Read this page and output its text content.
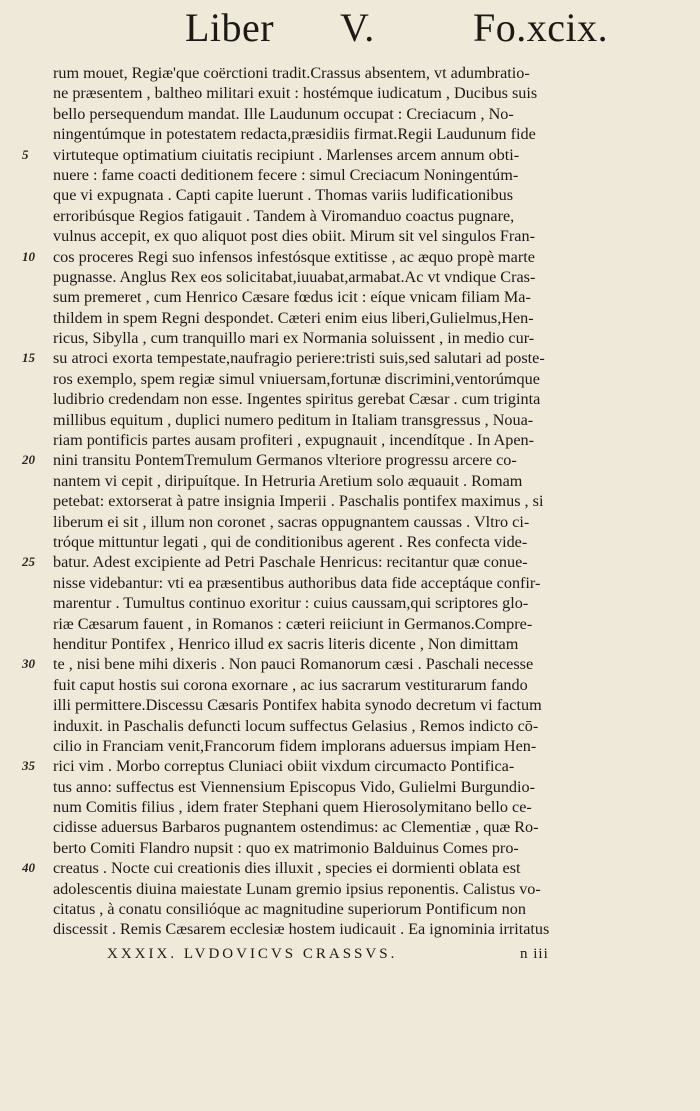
Liber V. Fo.xcix.
rum mouet, Regiæ'que coërctioni tradit.Crassus absentem, vt adumbratio-
ne præsentem , baltheo militari exuit : hostémque iudicatum , Ducibus suis
bello persequendum mandat. Ille Laudunum occupat : Creciacum , No-
ningentúmque in potestatem redacta,præsidiis firmat.Regii Laudunum fide
5	virtuteque optimatium ciuitatis recipiunt . Marlenses arcem annum obti-
nuere : fame coacti deditionem fecere : simul Creciacum Noningentúm-
que vi expugnata . Capti capite luerunt . Thomas variis ludificationibus
erroribúsque Regios fatigauit . Tandem à Viromanduo coactus pugnare,
vulnus accepit, ex quo aliquot post dies obiit. Mirum sit vel singulos Fran-
10	cos proceres Regi suo infensos infestósque extitisse , ac æquo propè marte
pugnasse. Anglus Rex eos solicitabat,iuuabat,armabat.Ac vt vndique Cras-
sum premeret , cum Henrico Cæsare fœdus icit : eíque vnicam filiam Ma-
thildem in spem Regni despondet. Cæteri enim eius liberi,Gulielmus,Hen-
ricus, Sibylla , cum tranquillo mari ex Normania soluissent , in medio cur-
15	su atroci exorta tempestate,naufragio periere:tristi suis,sed salutari ad poste-
ros exemplo, spem regiæ simul vniuersam,fortunæ discrimini,ventorúmque
ludibrio credendam non esse. Ingentes spiritus gerebat Cæsar . cum triginta
millibus equitum , duplici numero peditum in Italiam transgressus , Noua-
riam pontificis partes ausam profiteri , expugnauit , incendítque . In Apen-
20	nini transitu PontemTremulum Germanos vlteriore progressu arcere co-
nantem vi cepit , diripuítque. In Hetruria Aretium solo æquauit . Romam
petebat: extorserat à patre insignia Imperii . Paschalis pontifex maximus , si
liberum ei sit , illum non coronet , sacras oppugnantem caussas . Vltro ci-
tróque mittuntur legati , qui de conditionibus agerent . Res confecta vide-
25	batur. Adest excipiente ad Petri Paschale Henricus: recitantur quæ conue-
nisse videbantur: vti ea præsentibus authoribus data fide acceptáque confir-
marentur . Tumultus continuo exoritur : cuius caussam,qui scriptores glo-
riæ Cæsarum fauent , in Romanos : cæteri reiiciunt in Germanos.Compre-
henditur Pontifex , Henrico illud ex sacris literis dicente , Non dimittam
30	te , nisi bene mihi dixeris . Non pauci Romanorum cæsi . Paschali necesse
fuit caput hostis sui corona exornare , ac ius sacrarum vestiturarum fando
illi permittere.Discessu Cæsaris Pontifex habita synodo decretum vi factum
induxit. in Paschalis defuncti locum suffectus Gelasius , Remos indicto cō-
cilio in Franciam venit,Francorum fidem implorans aduersus impiam Hen-
35	rici vim . Morbo correptus Cluniaci obiit vixdum circumacto Pontifica-
tus anno: suffectus est Viennensium Episcopus Vido, Gulielmi Burgundio-
num Comitis filius , idem frater Stephani quem Hierosolymitano bello ce-
cidisse aduersus Barbaros pugnantem ostendimus: ac Clementiæ , quæ Ro-
berto Comiti Flandro nupsit : quo ex matrimonio Balduinus Comes pro-
40	creatus . Nocte cui creationis dies illuxit , species ei dormienti oblata est
adolescentis diuina maiestate Lunam gremio ipsius reponentis. Calistus vo-
citatus , à conatu consilióque ac magnitudine superiorum Pontificum non
discessit . Remis Cæsarem ecclesiæ hostem iudicauit . Ea ignominia irritatus
XXXIX. LVDOVICVS CRASSVS.	n iii
